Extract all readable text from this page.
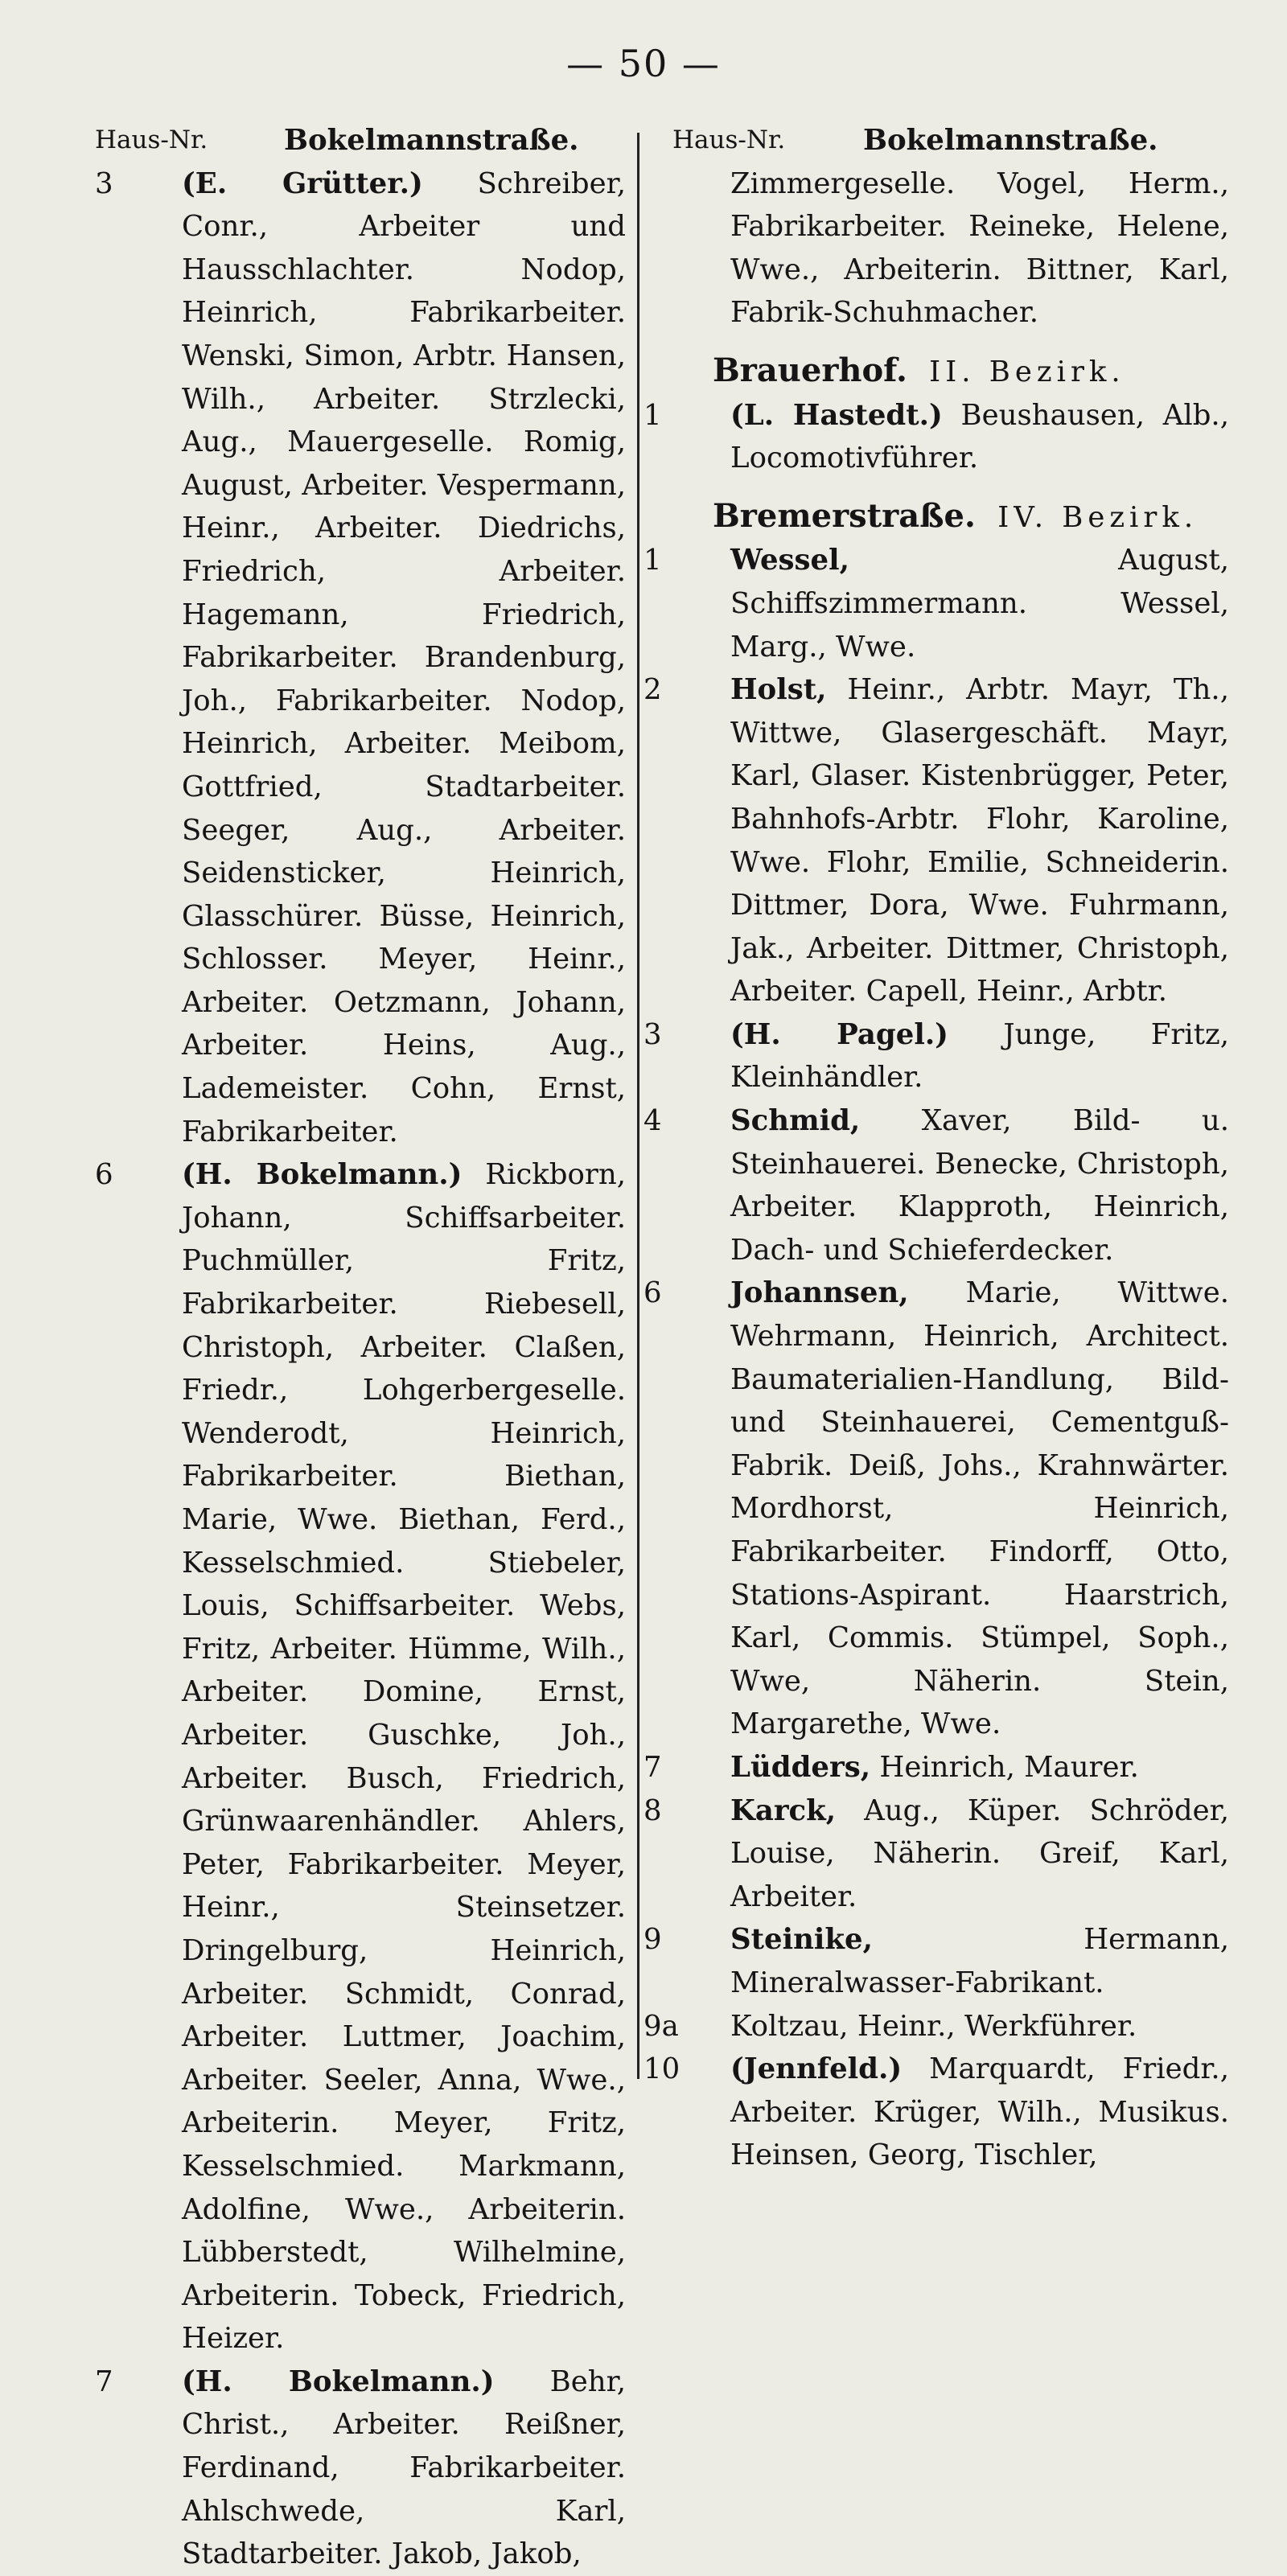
— 50 —
Haus-Nr.	Bokelmannstraße.
3	(E. Grütter.) Schreiber, Conr., Arbeiter und Hausschlachter. Nodop, Heinrich, Fabrikarbeiter. Wenski, Simon, Arbtr. Hansen, Wilh., Arbeiter. Strzlecki, Aug., Mauergeselle. Romig, August, Arbeiter. Vespermann, Heinr., Arbeiter. Diedrichs, Friedrich, Arbeiter. Hagemann, Friedrich, Fabrikarbeiter. Brandenburg, Joh., Fabrikarbeiter. Nodop, Heinrich, Arbeiter. Meibom, Gottfried, Stadtarbeiter. Seeger, Aug., Arbeiter. Seidensticker, Heinrich, Glasschürer. Büsse, Heinrich, Schlosser. Meyer, Heinr., Arbeiter. Oetzmann, Johann, Arbeiter. Heins, Aug., Lademeister. Cohn, Ernst, Fabrikarbeiter.
6	(H. Bokelmann.) Rickborn, Johann, Schiffsarbeiter. Puchmüller, Fritz, Fabrikarbeiter. Riebesell, Christoph, Arbeiter. Claßen, Friedr., Lohgerbergeselle. Wenderodt, Heinrich, Fabrikarbeiter. Biethan, Marie, Wwe. Biethan, Ferd., Kesselschmied. Stiebeler, Louis, Schiffsarbeiter. Webs, Fritz, Arbeiter. Hümme, Wilh., Arbeiter. Domine, Ernst, Arbeiter. Guschke, Joh., Arbeiter. Busch, Friedrich, Grünwaarenhändler. Ahlers, Peter, Fabrikarbeiter. Meyer, Heinr., Steinsetzer. Dringelburg, Heinrich, Arbeiter. Schmidt, Conrad, Arbeiter. Luttmer, Joachim, Arbeiter. Seeler, Anna, Wwe., Arbeiterin. Meyer, Fritz, Kesselschmied. Markmann, Adolfine, Wwe., Arbeiterin. Lübberstedt, Wilhelmine, Arbeiterin. Tobeck, Friedrich, Heizer.
7	(H. Bokelmann.) Behr, Christ., Arbeiter. Reißner, Ferdinand, Fabrikarbeiter. Ahlschwede, Karl, Stadtarbeiter. Jakob, Jakob,
Haus-Nr.	Bokelmannstraße.
Zimmergeselle. Vogel, Herm., Fabrikarbeiter. Reineke, Helene, Wwe., Arbeiterin. Bittner, Karl, Fabrik-Schuhmacher.
Brauerhof. II. Bezirk.
1	(L. Hastedt.) Beushausen, Alb., Locomotivführer.
Bremerstraße. IV. Bezirk.
1	Wessel,	August, Schiffszimmermann. Wessel, Marg., Wwe.
2	Holst, Heinr., Arbtr. Mayr, Th., Wittwe, Glasergeschäft. Mayr, Karl, Glaser. Kistenbrügger, Peter, Bahnhofs-Arbtr. Flohr, Karoline, Wwe. Flohr, Emilie, Schneiderin. Dittmer, Dora, Wwe. Fuhrmann, Jak., Arbeiter. Dittmer, Christoph, Arbeiter. Capell, Heinr., Arbtr.
3	(H. Pagel.) Junge, Fritz, Kleinhändler.
4	Schmid, Xaver, Bild- u. Steinhauerei. Benecke, Christoph, Arbeiter. Klapproth, Heinrich, Dach- und Schieferdecker.
6	Johannsen, Marie, Wittwe. Wehrmann, Heinrich, Architect. Baumaterialien-Handlung, Bild- und Steinhauerei, Cementguß-Fabrik. Deiß, Johs., Krahnwärter. Mordhorst, Heinrich, Fabrikarbeiter. Findorff, Otto, Stations-Aspirant. Haarstrich, Karl, Commis. Stümpel, Soph., Wwe, Näherin. Stein, Margarethe, Wwe.
7	Lüdders, Heinrich, Maurer.
8	Karck, Aug., Küper. Schröder, Louise, Näherin. Greif, Karl, Arbeiter.
9	Steinike,	Hermann, Mineralwasser-Fabrikant.
9a	Koltzau, Heinr., Werkführer.
10	(Jennfeld.) Marquardt, Friedr., Arbeiter. Krüger, Wilh., Musikus. Heinsen, Georg, Tischler,
